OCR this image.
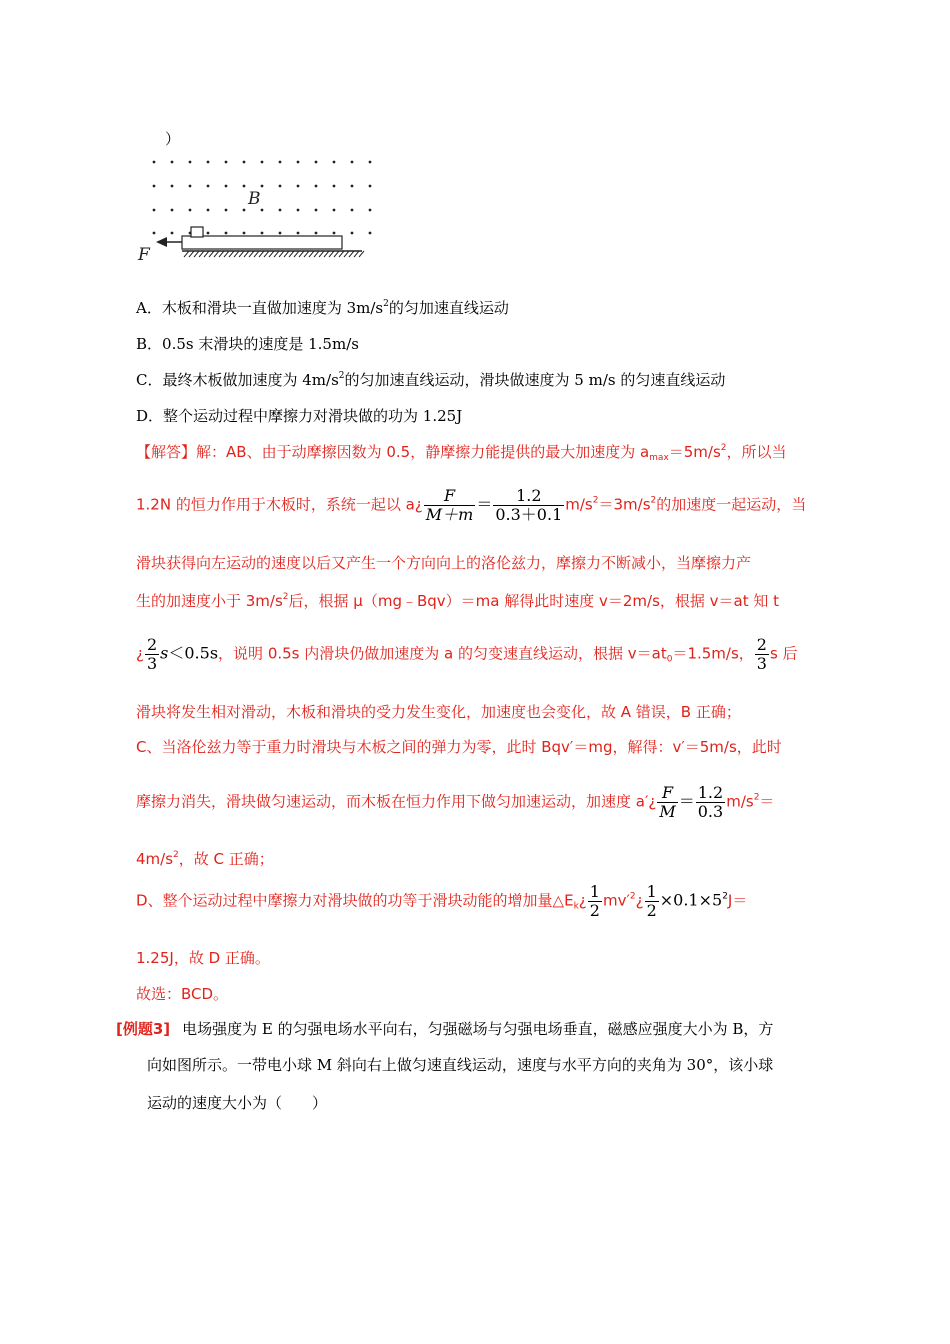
）
B
F
A．木板和滑块一直做加速度为 $3m/s^2$的匀加速直线运动
B．0.5s 末滑块的速度是 1.5m/s
C．最终木板做加速度为 $4m/s^2$的匀加速直线运动，滑块做速度为 5 m/s 的匀速直线运动
D．整个运动过程中摩擦力对滑块做的功为 1.25J
【解答】解：AB、由于动摩擦因数为 0.5，静摩擦力能提供的最大加速度为 $a_{max}=5m/s^2$，所以当
1.2N 的恒力作用于木板时，系统一起以 a¿ $\frac{F}{M+m} = \frac{1.2}{0.3+0.1} m/s^2=3m/s^2$的加速度一起运动，当
滑块获得向左运动的速度以后又产生一个方向向上的洛伦兹力，摩擦力不断减小，当摩擦力产
生的加速度小于 $3m/s^2$后，根据 μ（mg﹣Bqv）＝ma 解得此时速度 v＝2m/s，根据 v＝at 知 t
¿ $\frac{2}{3} s<0.5s$，说明 0.5s 内滑块仍做加速度为 a 的匀变速直线运动，根据 $v=at_0=1.5m/s$， $\frac{2}{3}$ s 后
滑块将发生相对滑动，木板和滑块的受力发生变化，加速度也会变化，故 A 错误，B 正确；
C、当洛伦兹力等于重力时滑块与木板之间的弹力为零，此时 Bqv′＝mg，解得：v′＝5m/s，此时
摩擦力消失，滑块做匀速运动，而木板在恒力作用下做匀加速运动，加速度 a′¿ $\frac{F}{M} = \frac{1.2}{0.3} m/s^2=$
$4m/s^2$，故 C 正确；
D、整个运动过程中摩擦力对滑块做的功等于滑块动能的增加量$\triangle E_k¿ \frac{1}{2}$ $mv'^2¿ \frac{1}{2} \times 0.1\times 5^2J=$
1.25J，故 D 正确。
故选：BCD。
[例题3] 电场强度为 E 的匀强电场水平向右，匀强磁场与匀强电场垂直，磁感应强度大小为 B，方
向如图所示。一带电小球 M 斜向右上做匀速直线运动，速度与水平方向的夹角为 30°，该小球
运动的速度大小为（　　）
